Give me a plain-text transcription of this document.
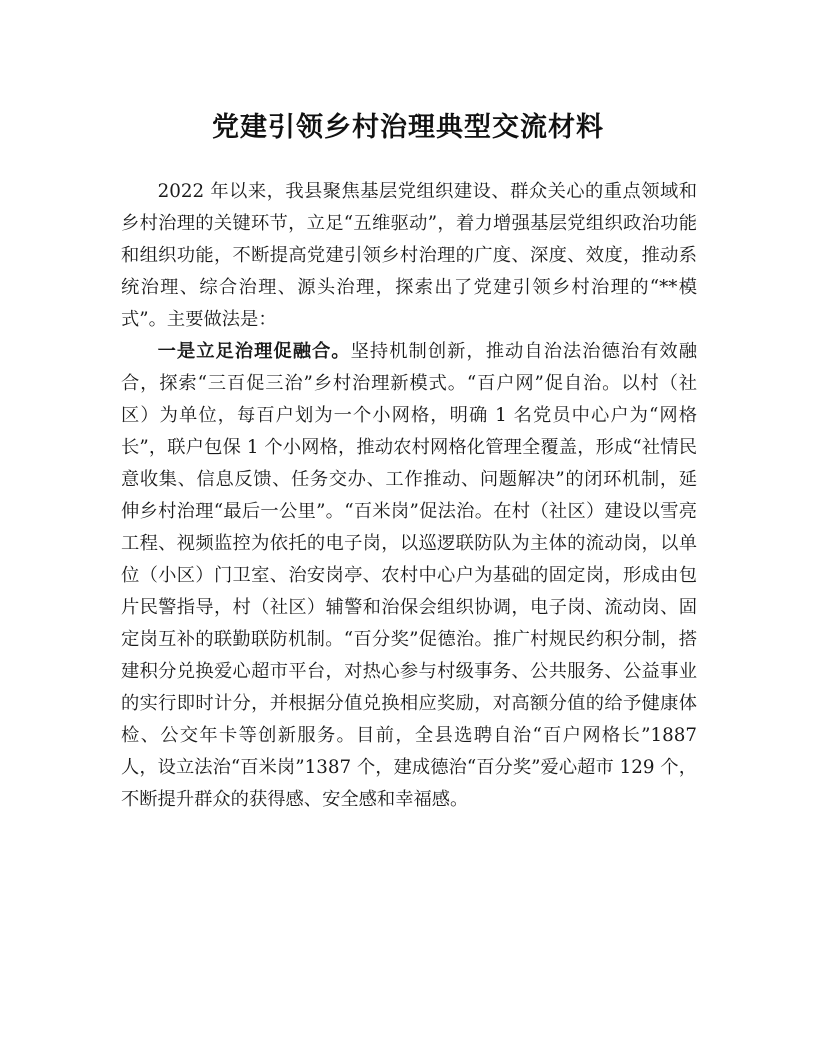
党建引领乡村治理典型交流材料

2022 年以来，我县聚焦基层党组织建设、群众关心的重点领域和乡村治理的关键环节，立足“五维驱动”，着力增强基层党组织政治功能和组织功能，不断提高党建引领乡村治理的广度、深度、效度，推动系统治理、综合治理、源头治理，探索出了党建引领乡村治理的“**模式”。主要做法是：

一是立足治理促融合。坚持机制创新，推动自治法治德治有效融合，探索“三百促三治”乡村治理新模式。“百户网”促自治。以村（社区）为单位，每百户划为一个小网格，明确 1 名党员中心户为“网格长”，联户包保 1 个小网格，推动农村网格化管理全覆盖，形成“社情民意收集、信息反馈、任务交办、工作推动、问题解决”的闭环机制，延伸乡村治理“最后一公里”。“百米岗”促法治。在村（社区）建设以雪亮工程、视频监控为依托的电子岗，以巡逻联防队为主体的流动岗，以单位（小区）门卫室、治安岗亭、农村中心户为基础的固定岗，形成由包片民警指导，村（社区）辅警和治保会组织协调，电子岗、流动岗、固定岗互补的联勤联防机制。“百分奖”促德治。推广村规民约积分制，搭建积分兑换爱心超市平台，对热心参与村级事务、公共服务、公益事业的实行即时计分，并根据分值兑换相应奖励，对高额分值的给予健康体检、公交年卡等创新服务。目前，全县选聘自治“百户网格长”1887 人，设立法治“百米岗”1387 个，建成德治“百分奖”爱心超市 129 个，不断提升群众的获得感、安全感和幸福感。
